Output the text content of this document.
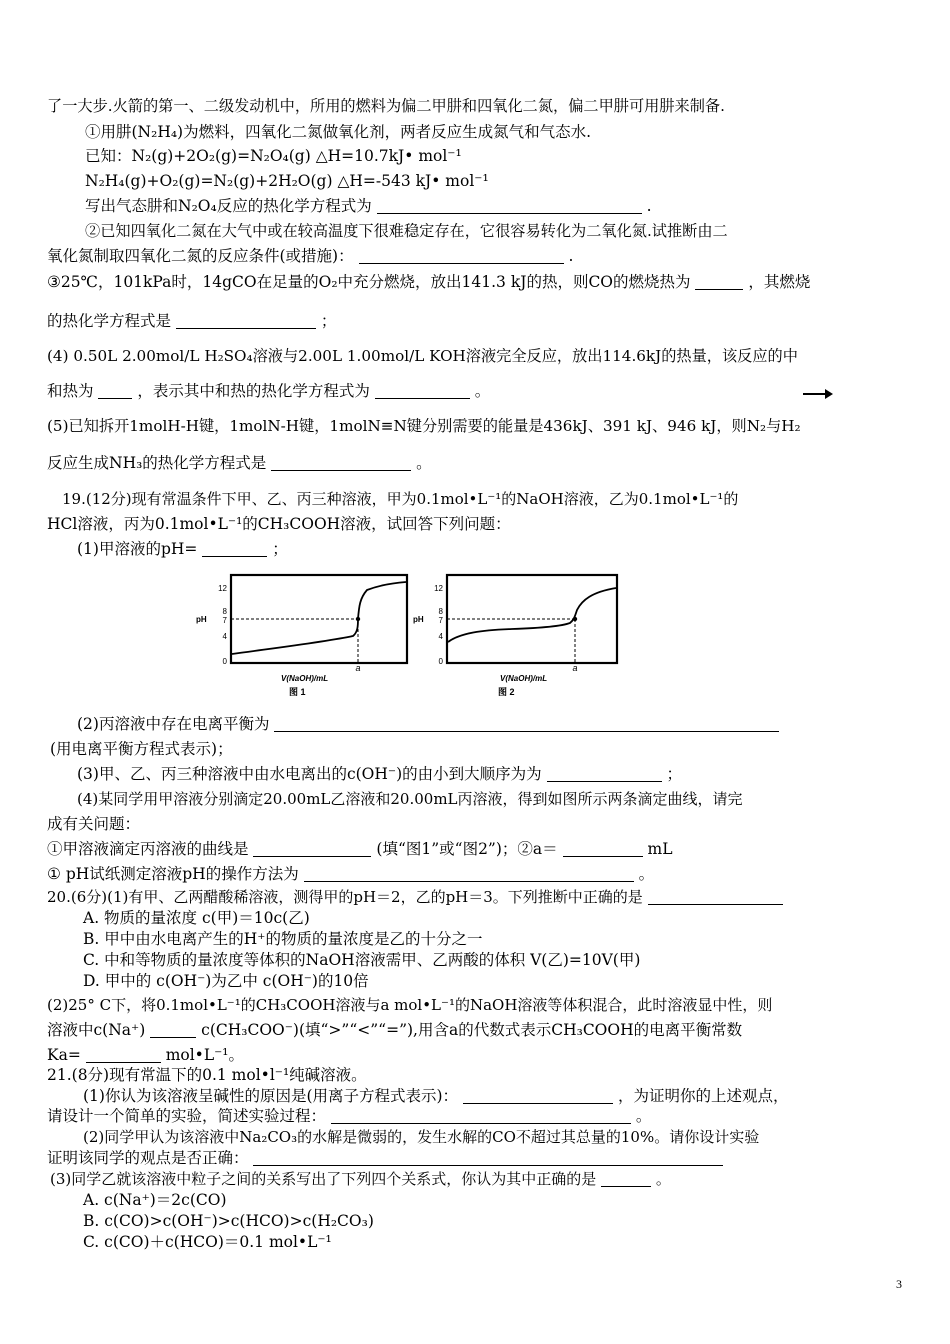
了一大步.火箭的第一、二级发动机中，所用的燃料为偏二甲肼和四氧化二氮，偏二甲肼可用肼来制备.
①用肼(N₂H₄)为燃料，四氧化二氮做氧化剂，两者反应生成氮气和气态水.
已知：N₂(g)+2O₂(g)=N₂O₄(g) △H=10.7kJ• mol⁻¹
N₂H₄(g)+O₂(g)=N₂(g)+2H₂O(g) △H=-543 kJ• mol⁻¹
写出气态肼和N₂O₄反应的热化学方程式为	.
②已知四氧化二氮在大气中或在较高温度下很难稳定存在，它很容易转化为二氧化氮.试推断由二
氧化氮制取四氧化二氮的反应条件(或措施)：	.
③25℃，101kPa时，14gCO在足量的O₂中充分燃烧，放出141.3 kJ的热，则CO的燃烧热为	，其燃烧
的热化学方程式是	；
(4) 0.50L 2.00mol/L H₂SO₄溶液与2.00L 1.00mol/L KOH溶液完全反应，放出114.6kJ的热量，该反应的中
和热为	，表示其中和热的热化学方程式为	。
(5)已知拆开1molH-H键，1molN-H键，1molN≡N键分别需要的能量是436kJ、391 kJ、946 kJ，则N₂与H₂
反应生成NH₃的热化学方程式是	。
19.(12分)现有常温条件下甲、乙、丙三种溶液，甲为0.1mol•L⁻¹的NaOH溶液，乙为0.1mol•L⁻¹的
HCl溶液，丙为0.1mol•L⁻¹的CH₃COOH溶液，试回答下列问题：
(1)甲溶液的pH=	；
pH
12
8
7
4
0
a
V(NaOH)/mL
图 1
pH
12
8
7
4
0
a
V(NaOH)/mL
图 2
(2)丙溶液中存在电离平衡为
(用电离平衡方程式表示)；
(3)甲、乙、丙三种溶液中由水电离出的c(OH⁻)的由小到大顺序为为	；
(4)某同学用甲溶液分别滴定20.00mL乙溶液和20.00mL丙溶液，得到如图所示两条滴定曲线，请完
成有关问题：
①甲溶液滴定丙溶液的曲线是	(填“图1”或“图2”)；②a＝	mL
① pH试纸测定溶液pH的操作方法为	。
20.(6分)(1)有甲、乙两醋酸稀溶液，测得甲的pH＝2，乙的pH＝3。下列推断中正确的是
A. 物质的量浓度 c(甲)＝10c(乙)
B. 甲中由水电离产生的H⁺的物质的量浓度是乙的十分之一
C. 中和等物质的量浓度等体积的NaOH溶液需甲、乙两酸的体积 V(乙)=10V(甲)
D. 甲中的 c(OH⁻)为乙中 c(OH⁻)的10倍
(2)25° C下，将0.1mol•L⁻¹的CH₃COOH溶液与a mol•L⁻¹的NaOH溶液等体积混合，此时溶液显中性，则
溶液中c(Na⁺)	c(CH₃COO⁻)(填“>”“<”“=”),用含a的代数式表示CH₃COOH的电离平衡常数
Ka=	mol•L⁻¹。
21.(8分)现有常温下的0.1 mol•l⁻¹纯碱溶液。
(1)你认为该溶液呈碱性的原因是(用离子方程式表示)：	，为证明你的上述观点，
请设计一个简单的实验，简述实验过程：	。
(2)同学甲认为该溶液中Na₂CO₃的水解是微弱的，发生水解的CO不超过其总量的10%。请你设计实验
证明该同学的观点是否正确：
(3)同学乙就该溶液中粒子之间的关系写出了下列四个关系式，你认为其中正确的是	。
A. c(Na⁺)＝2c(CO)
B. c(CO)>c(OH⁻)>c(HCO)>c(H₂CO₃)
C. c(CO)＋c(HCO)＝0.1 mol•L⁻¹
3
